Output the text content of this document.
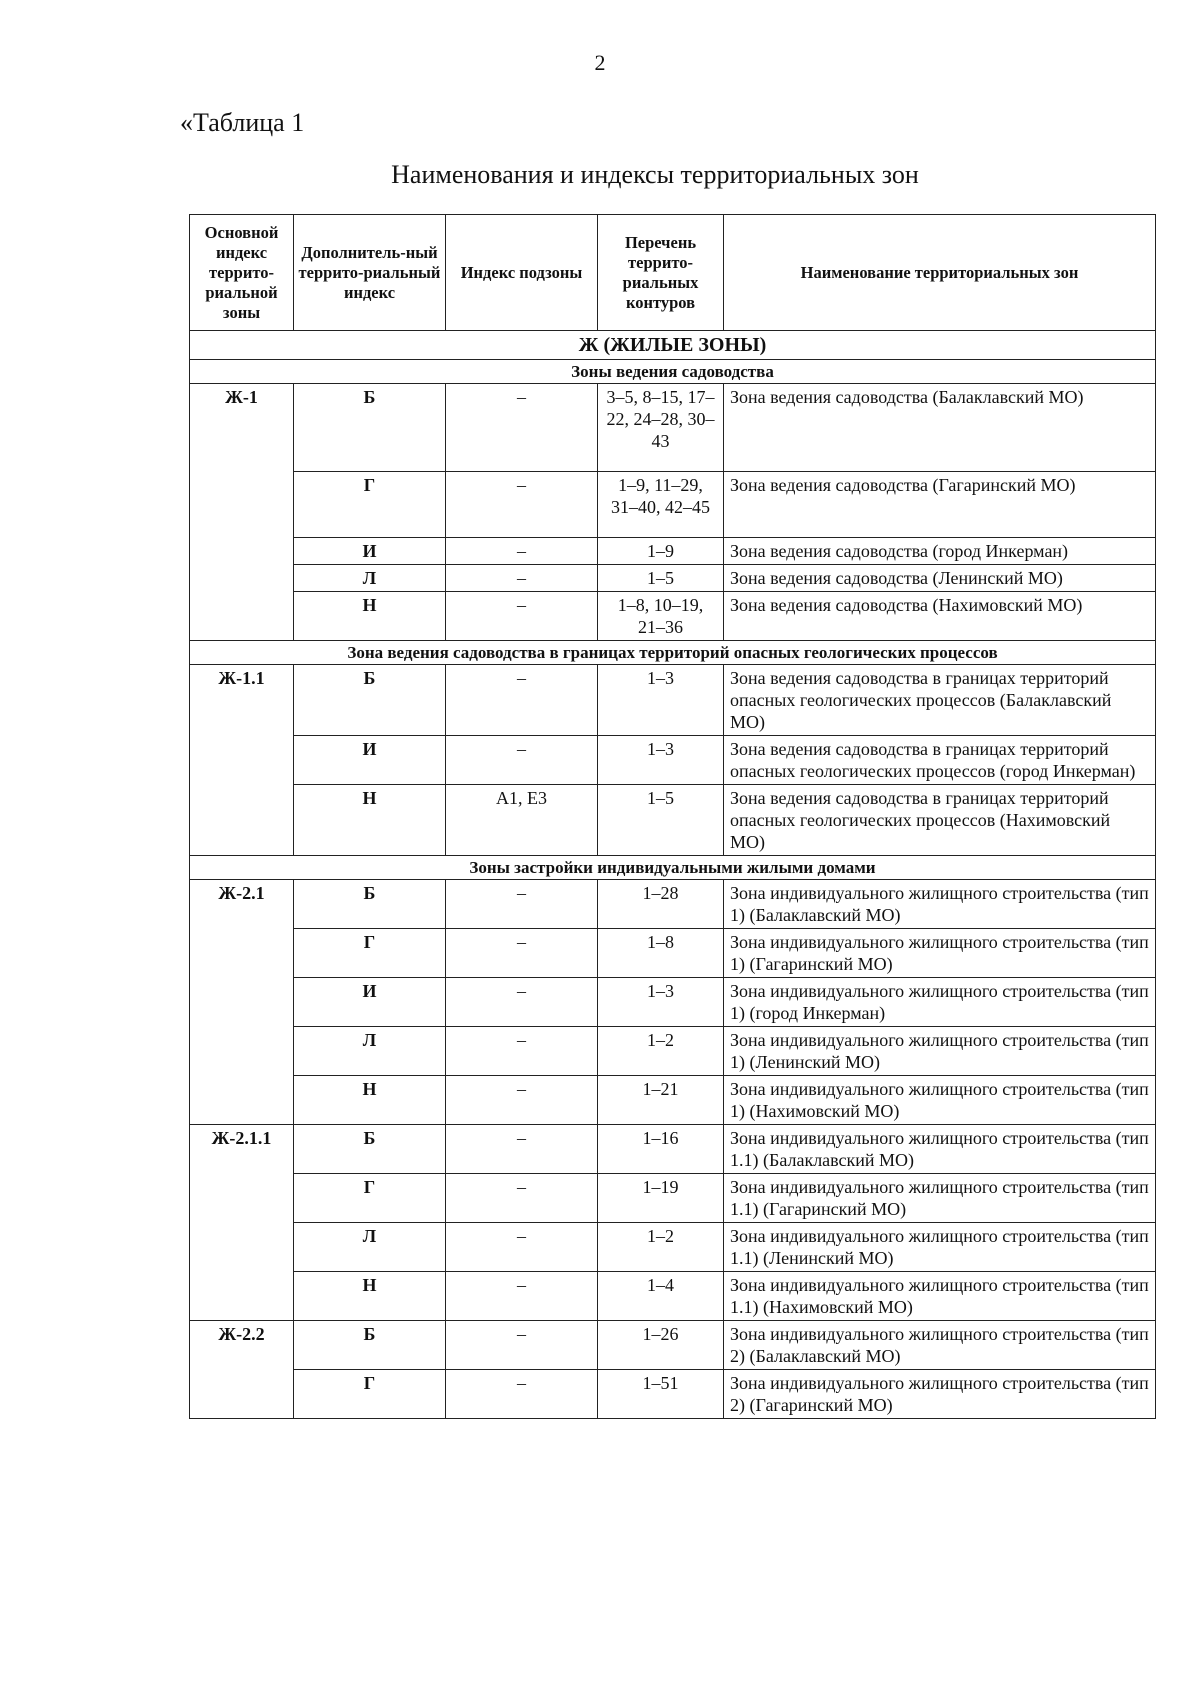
2
«Таблица 1
Наименования и индексы территориальных зон
Основной индекс террито-риальной зоны	Дополнитель-ный террито-риальный индекс	Индекс подзоны	Перечень террито-риальных контуров	Наименование территориальных зон
Ж (ЖИЛЫЕ ЗОНЫ)				
Зоны ведения садоводства				
Ж-1	Б	–	3–5, 8–15, 17–22, 24–28, 30–43	Зона ведения садоводства (Балаклавский МО)
	Г	–	1–9, 11–29, 31–40, 42–45	Зона ведения садоводства (Гагаринский МО)
	И	–	1–9	Зона ведения садоводства (город Инкерман)
	Л	–	1–5	Зона ведения садоводства (Ленинский МО)
	Н	–	1–8, 10–19, 21–36	Зона ведения садоводства (Нахимовский МО)
Зона ведения садоводства в границах территорий опасных геологических процессов				
Ж-1.1	Б	–	1–3	Зона ведения садоводства в границах территорий опасных геологических процессов (Балаклавский МО)
	И	–	1–3	Зона ведения садоводства в границах территорий опасных геологических процессов (город Инкерман)
	Н	А1, Е3	1–5	Зона ведения садоводства в границах территорий опасных геологических процессов (Нахимовский МО)
Зоны застройки индивидуальными жилыми домами				
Ж-2.1	Б	–	1–28	Зона индивидуального жилищного строительства (тип 1) (Балаклавский МО)
	Г	–	1–8	Зона индивидуального жилищного строительства (тип 1) (Гагаринский МО)
	И	–	1–3	Зона индивидуального жилищного строительства (тип 1) (город Инкерман)
	Л	–	1–2	Зона индивидуального жилищного строительства (тип 1) (Ленинский МО)
	Н	–	1–21	Зона индивидуального жилищного строительства (тип 1) (Нахимовский МО)
Ж-2.1.1	Б	–	1–16	Зона индивидуального жилищного строительства (тип 1.1) (Балаклавский МО)
	Г	–	1–19	Зона индивидуального жилищного строительства (тип 1.1) (Гагаринский МО)
	Л	–	1–2	Зона индивидуального жилищного строительства (тип 1.1) (Ленинский МО)
	Н	–	1–4	Зона индивидуального жилищного строительства (тип 1.1) (Нахимовский МО)
Ж-2.2	Б	–	1–26	Зона индивидуального жилищного строительства (тип 2) (Балаклавский МО)
	Г	–	1–51	Зона индивидуального жилищного строительства (тип 2) (Гагаринский МО)
